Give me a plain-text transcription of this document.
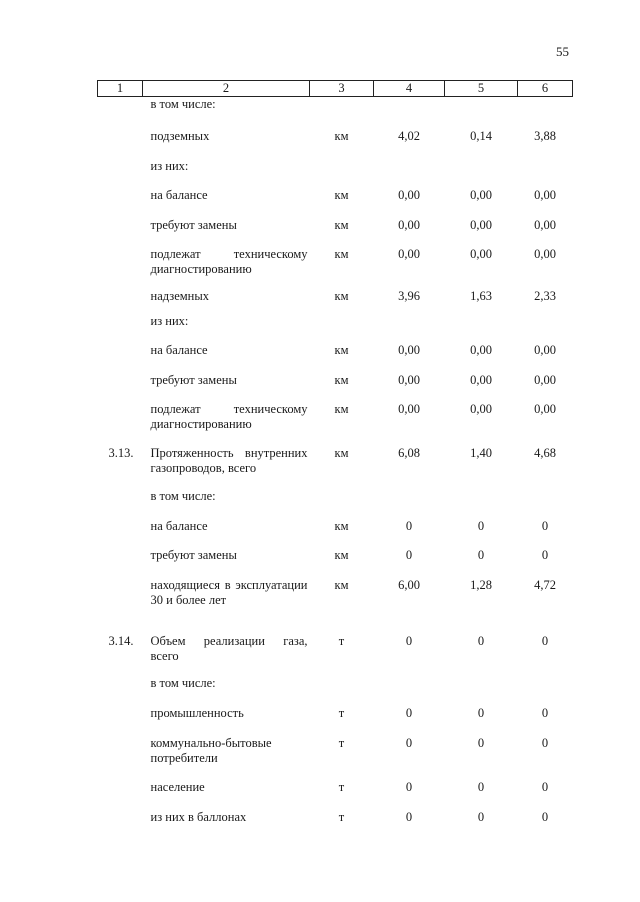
55
1	2	3	4	5	6
	в том числе:				
	подземных	км	4,02	0,14	3,88
	из них:				
	на балансе	км	0,00	0,00	0,00
	требуют замены	км	0,00	0,00	0,00
	подлежат техническому диагностированию	км	0,00	0,00	0,00
	надземных	км	3,96	1,63	2,33
	из них:				
	на балансе	км	0,00	0,00	0,00
	требуют замены	км	0,00	0,00	0,00
	подлежат техническому диагностированию	км	0,00	0,00	0,00
3.13.	Протяженность внутренних газопроводов, всего	км	6,08	1,40	4,68
	в том числе:				
	на балансе	км	0	0	0
	требуют замены	км	0	0	0
	находящиеся в эксплуатации 30 и более лет	км	6,00	1,28	4,72
3.14.	Объем реализации газа, всего	т	0	0	0
	в том числе:				
	промышленность	т	0	0	0
	коммунально-бытовые потребители	т	0	0	0
	население	т	0	0	0
	из них в баллонах	т	0	0	0
